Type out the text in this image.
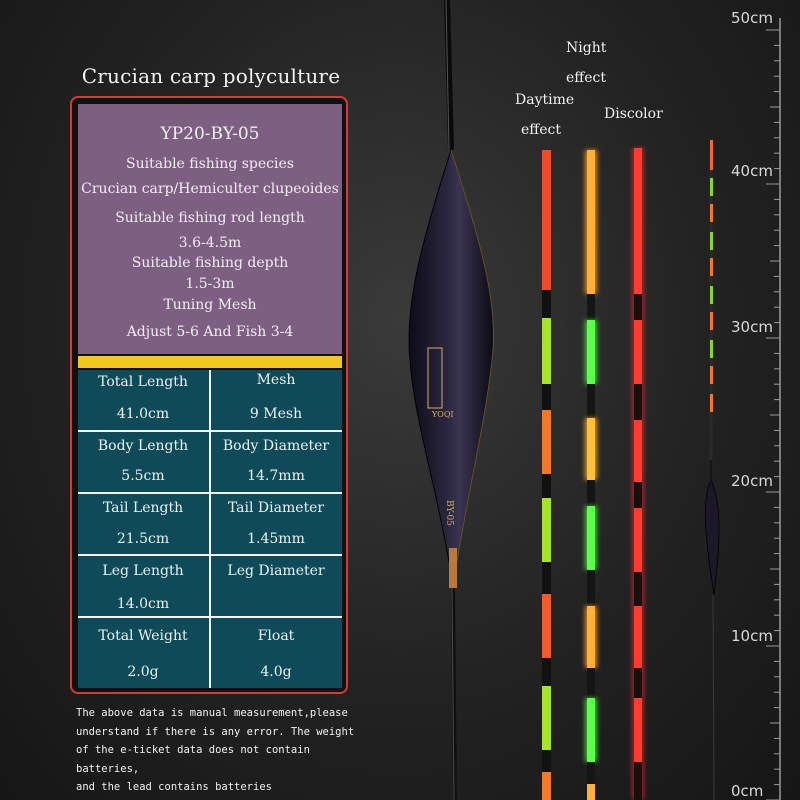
Crucian carp polyculture
YP20-BY-05
Suitable fishing species
Crucian carp/Hemiculter clupeoides
Suitable fishing rod length
3.6-4.5m
Suitable fishing depth
1.5-3m
Tuning Mesh
Adjust 5-6 And Fish 3-4
Total Length
41.0cm
Mesh
9 Mesh
Body Length
5.5cm
Body Diameter
14.7mm
Tail Length
21.5cm
Tail Diameter
1.45mm
Leg Length
14.0cm
Leg Diameter
Total Weight
2.0g
Float
4.0g
The above data is manual measurement,please
understand if there is any error. The weight
of the e-ticket data does not contain batteries,
and the lead contains batteries
Daytime
effect
Night
effect
Discolor
YOQI
BY-05
50cm
40cm
30cm
20cm
10cm
0cm
